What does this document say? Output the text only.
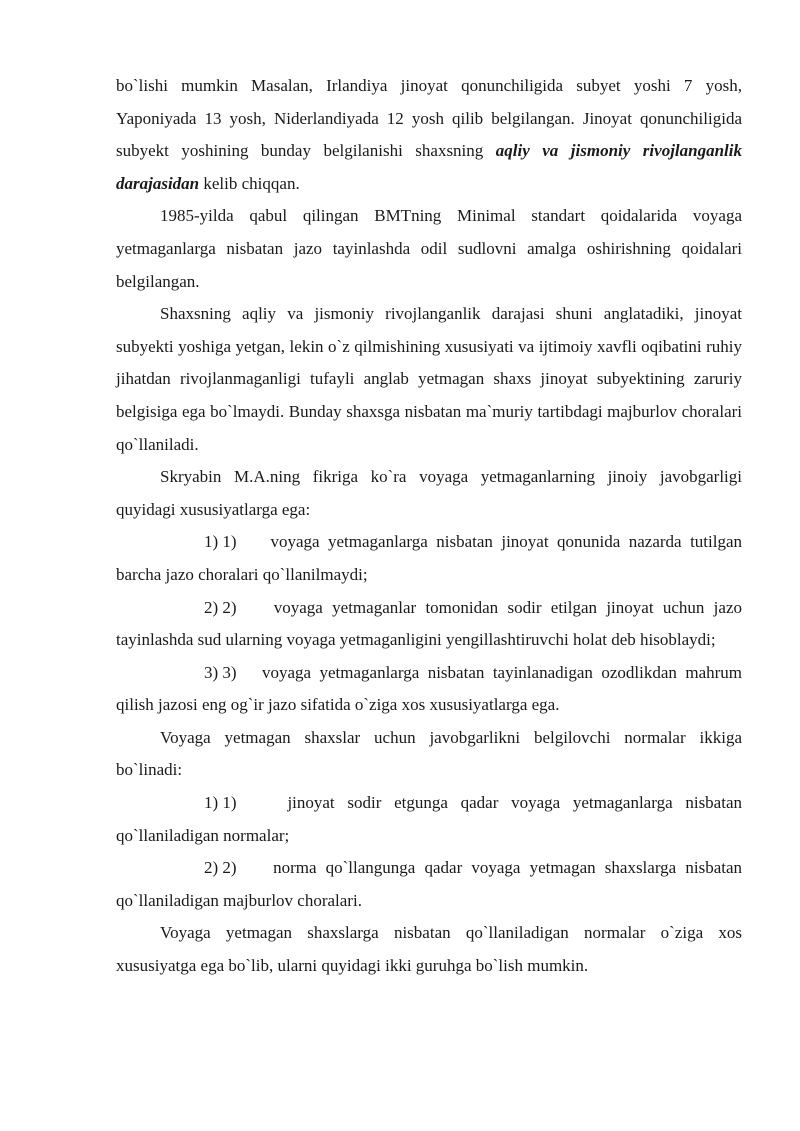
bo`lishi mumkin Masalan, Irlandiya jinoyat qonunchiligida subyet yoshi 7 yosh, Yaponiyada 13 yosh, Niderlandiyada 12 yosh qilib belgilangan. Jinoyat qonunchiligida subyekt yoshining bunday belgilanishi shaxsning aqliy va jismoniy rivojlanganlik darajasidan kelib chiqqan.

1985-yilda qabul qilingan BMTning Minimal standart qoidalarida voyaga yetmaganlarga nisbatan jazo tayinlashda odil sudlovni amalga oshirishning qoidalari belgilangan.

Shaxsning aqliy va jismoniy rivojlanganlik darajasi shuni anglatadiki, jinoyat subyekti yoshiga yetgan, lekin o`z qilmishining xususiyati va ijtimoiy xavfli oqibatini ruhiy jihatdan rivojlanmaganligi tufayli anglab yetmagan shaxs jinoyat subyektining zaruriy belgisiga ega bo`lmaydi. Bunday shaxsga nisbatan ma`muriy tartibdagi majburlov choralari qo`llaniladi.

Skryabin M.A.ning fikriga ko`ra voyaga yetmaganlarning jinoiy javobgarligi quyidagi xususiyatlarga ega:

1) 1) voyaga yetmaganlarga nisbatan jinoyat qonunida nazarda tutilgan barcha jazo choralari qo`llanilmaydi;

2) 2) voyaga yetmaganlar tomonidan sodir etilgan jinoyat uchun jazo tayinlashda sud ularning voyaga yetmaganligini yengillashtiruvchi holat deb hisoblaydi;

3) 3) voyaga yetmaganlarga nisbatan tayinlanadigan ozodlikdan mahrum qilish jazosi eng og`ir jazo sifatida o`ziga xos xususiyatlarga ega.

Voyaga yetmagan shaxslar uchun javobgarlikni belgilovchi normalar ikkiga bo`linadi:

1) 1)	jinoyat sodir etgunga qadar voyaga yetmaganlarga nisbatan qo`llaniladigan normalar;

2) 2) norma qo`llangunga qadar voyaga yetmagan shaxslarga nisbatan qo`llaniladigan majburlov choralari.

Voyaga yetmagan shaxslarga nisbatan qo`llaniladigan normalar o`ziga xos xususiyatga ega bo`lib, ularni quyidagi ikki guruhga bo`lish mumkin.
